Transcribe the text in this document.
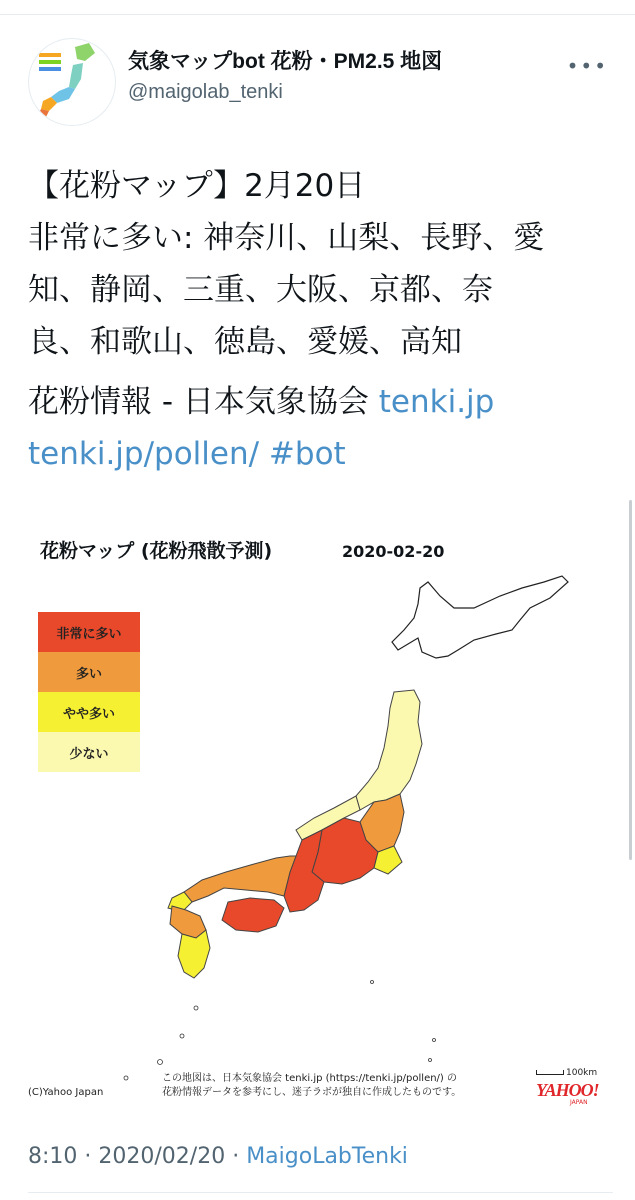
気象マップbot 花粉・PM2.5 地図
@maigolab_tenki
•••
【花粉マップ】2月20日
非常に多い: 神奈川、山梨、長野、愛
知、静岡、三重、大阪、京都、奈
良、和歌山、徳島、愛媛、高知
花粉情報 - 日本気象協会 tenki.jp
tenki.jp/pollen/ #bot
花粉マップ (花粉飛散予測)	2020-02-20
非常に多い
多い
やや多い
少ない
この地図は、日本気象協会 tenki.jp (https://tenki.jp/pollen/) の
花粉情報データを参考にし、迷子ラボが独自に作成したものです。
(C)Yahoo Japan
100km
YAHOO!
JAPAN
8:10 · 2020/02/20 · MaigoLabTenki
